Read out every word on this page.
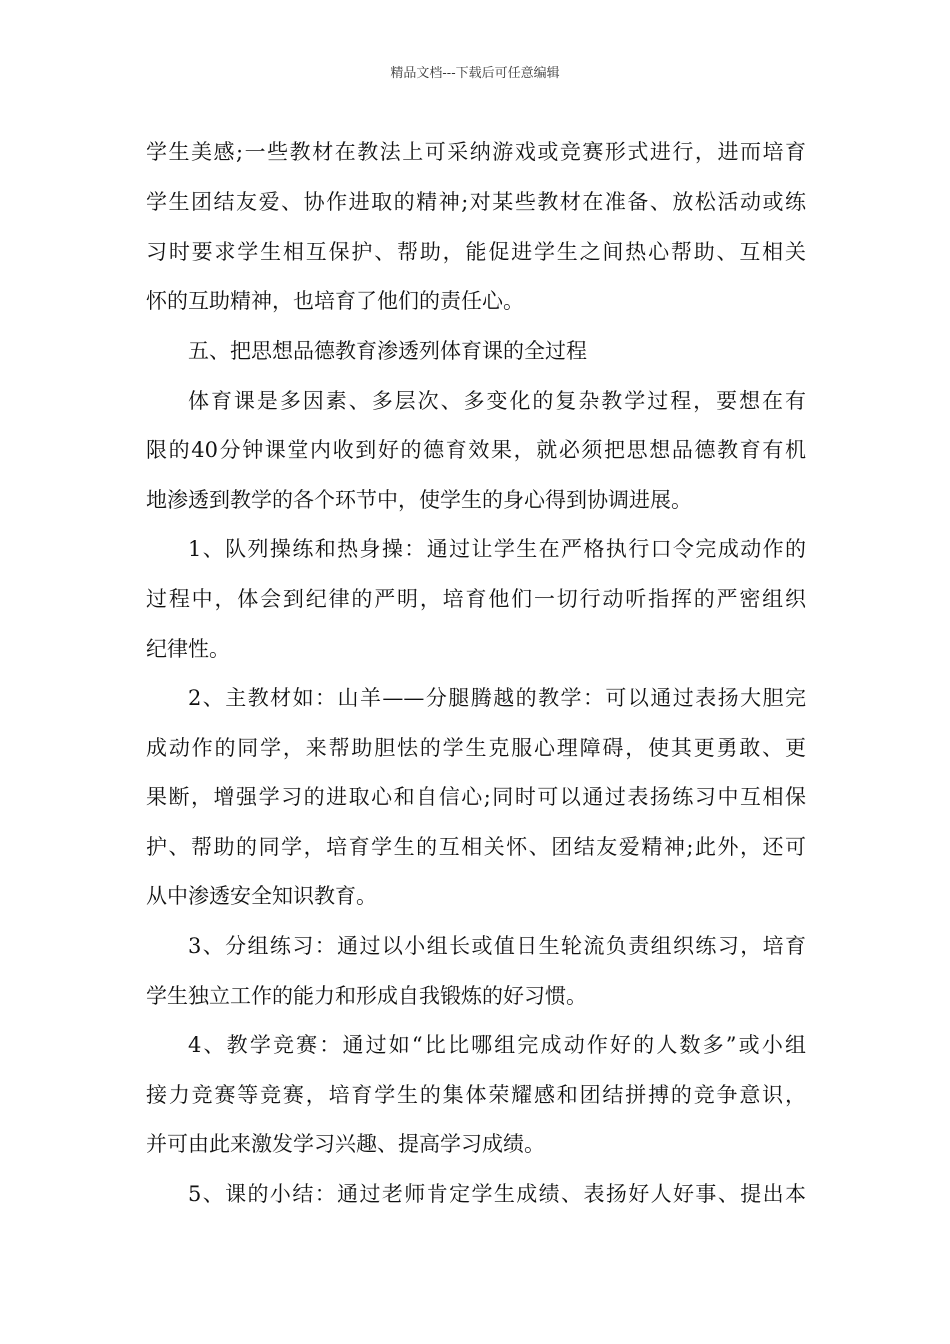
精品文档---下载后可任意编辑
学生美感;一些教材在教法上可采纳游戏或竞赛形式进行，进而培育
学生团结友爱、协作进取的精神;对某些教材在准备、放松活动或练
习时要求学生相互保护、帮助，能促进学生之间热心帮助、互相关
怀的互助精神，也培育了他们的责任心。
五、把思想品德教育渗透列体育课的全过程
体育课是多因素、多层次、多变化的复杂教学过程，要想在有
限的40分钟课堂内收到好的德育效果，就必须把思想品德教育有机
地渗透到教学的各个环节中，使学生的身心得到协调进展。
1、队列操练和热身操：通过让学生在严格执行口令完成动作的
过程中，体会到纪律的严明，培育他们一切行动听指挥的严密组织
纪律性。
2、主教材如：山羊——分腿腾越的教学：可以通过表扬大胆完
成动作的同学，来帮助胆怯的学生克服心理障碍，使其更勇敢、更
果断，增强学习的进取心和自信心;同时可以通过表扬练习中互相保
护、帮助的同学，培育学生的互相关怀、团结友爱精神;此外，还可
从中渗透安全知识教育。
3、分组练习：通过以小组长或值日生轮流负责组织练习，培育
学生独立工作的能力和形成自我锻炼的好习惯。
4、教学竞赛：通过如“比比哪组完成动作好的人数多”或小组
接力竞赛等竞赛，培育学生的集体荣耀感和团结拼搏的竞争意识，
并可由此来激发学习兴趣、提高学习成绩。
5、课的小结：通过老师肯定学生成绩、表扬好人好事、提出本
